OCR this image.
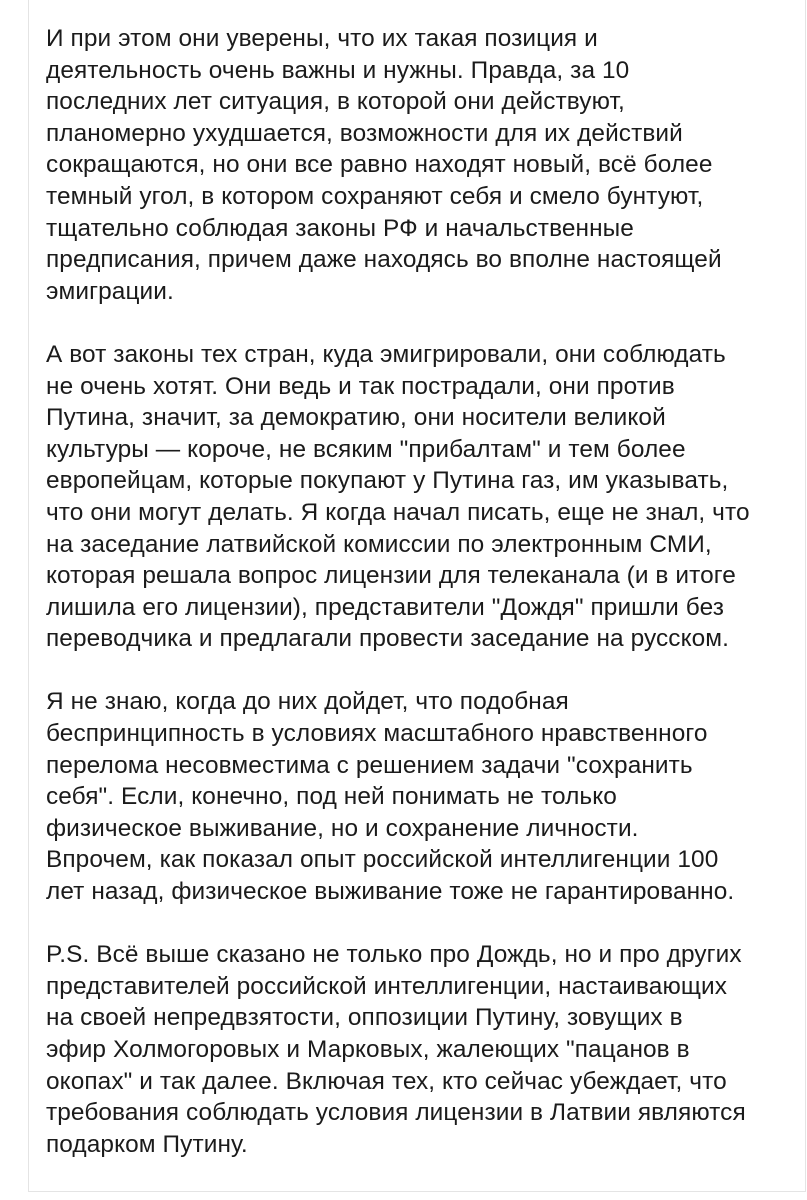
И при этом они уверены, что их такая позиция и
деятельность очень важны и нужны. Правда, за 10
последних лет ситуация, в которой они действуют,
планомерно ухудшается, возможности для их действий
сокращаются, но они все равно находят новый, всё более
темный угол, в котором сохраняют себя и смело бунтуют,
тщательно соблюдая законы РФ и начальственные
предписания, причем даже находясь во вполне настоящей
эмиграции.

А вот законы тех стран, куда эмигрировали, они соблюдать
не очень хотят. Они ведь и так пострадали, они против
Путина, значит, за демократию, они носители великой
культуры — короче, не всяким "прибалтам" и тем более
европейцам, которые покупают у Путина газ, им указывать,
что они могут делать. Я когда начал писать, еще не знал, что
на заседание латвийской комиссии по электронным СМИ,
которая решала вопрос лицензии для телеканала (и в итоге
лишила его лицензии), представители "Дождя" пришли без
переводчика и предлагали провести заседание на русском.

Я не знаю, когда до них дойдет, что подобная
беспринципность в условиях масштабного нравственного
перелома несовместима с решением задачи "сохранить
себя". Если, конечно, под ней понимать не только
физическое выживание, но и сохранение личности.
Впрочем, как показал опыт российской интеллигенции 100
лет назад, физическое выживание тоже не гарантированно.

P.S. Всё выше сказано не только про Дождь, но и про других
представителей российской интеллигенции, настаивающих
на своей непредвзятости, оппозиции Путину, зовущих в
эфир Холмогоровых и Марковых, жалеющих "пацанов в
окопах" и так далее. Включая тех, кто сейчас убеждает, что
требования соблюдать условия лицензии в Латвии являются
подарком Путину.
